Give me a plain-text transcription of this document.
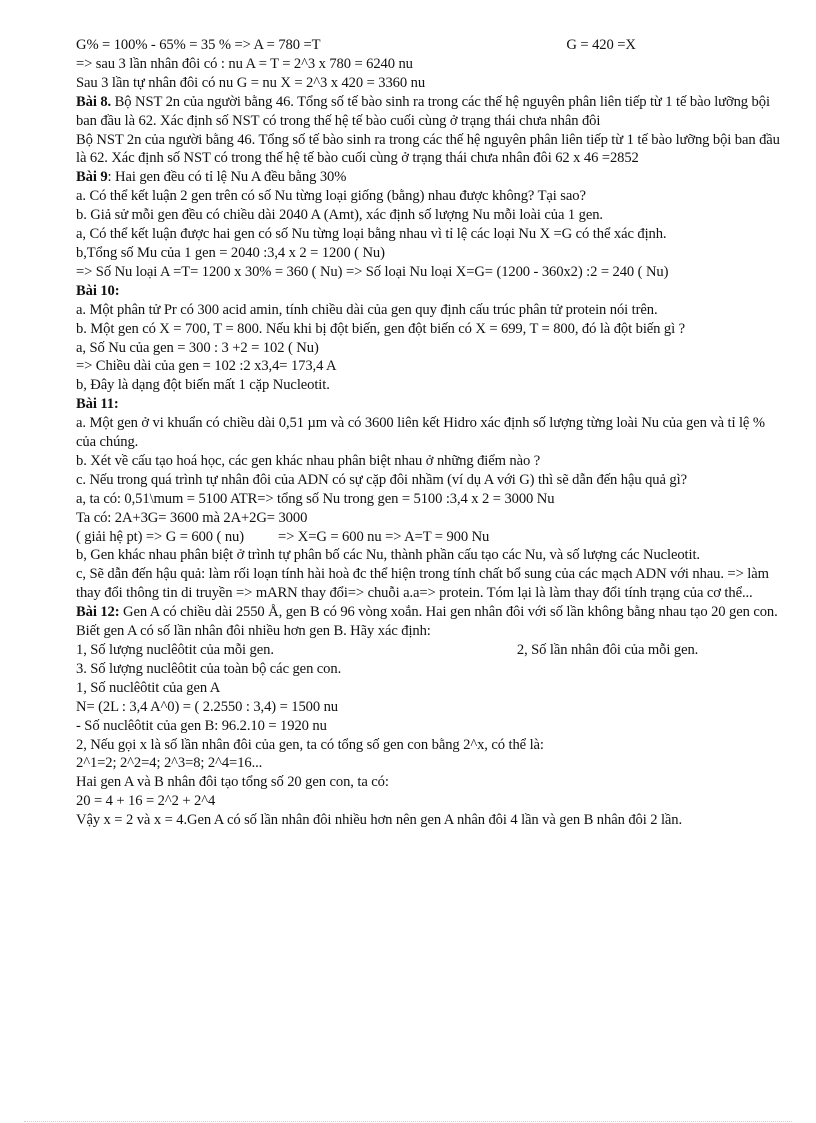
G% = 100% - 65% = 35 % => A = 780 =T	G = 420 =X
=> sau 3 lần nhân đôi có : nu A = T = 2^3 x 780 = 6240 nu
Sau 3 lần tự nhân đôi có nu G = nu X = 2^3 x 420 = 3360 nu
Bài 8. Bộ NST 2n của người bằng 46. Tổng số tế bào sinh ra trong các thế hệ nguyên phân liên tiếp từ 1 tế bào lưỡng bội ban đầu là 62. Xác định số NST có trong thế hệ tế bào cuối cùng ở trạng thái chưa nhân đôi
Bộ NST 2n của người bằng 46. Tổng số tế bào sinh ra trong các thế hệ nguyên phân liên tiếp từ 1 tế bào lưỡng bội ban đầu là 62. Xác định số NST có trong thế hệ tế bào cuối cùng ở trạng thái chưa nhân đôi 62 x 46 =2852
Bài 9: Hai gen đều có tỉ lệ Nu A đều bằng 30%
a. Có thể kết luận 2 gen trên có số Nu từng loại giống (bằng) nhau được không? Tại sao?
b. Giả sử mỗi gen đều có chiều dài 2040 A (Amt), xác định số lượng Nu mỗi loài của 1 gen.
a, Có thể kết luận được hai gen có số Nu từng loại bằng nhau vì tỉ lệ các loại Nu X =G có thể xác định.
b,Tổng số Mu của 1 gen = 2040 :3,4 x 2 = 1200 ( Nu)
=> Số Nu loại A =T= 1200 x 30% = 360 ( Nu) => Số loại Nu loại X=G= (1200 - 360x2) :2 = 240 ( Nu)
Bài 10:
a. Một phân tử Pr có 300 acid amin, tính chiều dài của gen quy định cấu trúc phân tử protein nói trên.
b. Một gen có X = 700, T = 800. Nếu khi bị đột biến, gen đột biến có X = 699, T = 800, đó là đột biến gì ?
a, Số Nu của gen = 300 : 3 +2 = 102 ( Nu)
=> Chiều dài của gen = 102 :2 x3,4= 173,4 A
b, Đây là dạng đột biến mất 1 cặp Nucleotit.
Bài 11:
a. Một gen ở vi khuẩn có chiều dài 0,51 µm và có 3600 liên kết Hidro xác định số lượng từng loài Nu của gen và tỉ lệ % của chúng.
b. Xét về cấu tạo hoá học, các gen khác nhau phân biệt nhau ở những điểm nào ?
c. Nếu trong quá trình tự nhân đôi của ADN có sự cặp đôi nhầm (ví dụ A với G) thì sẽ dẫn đến hậu quả gì?
a, ta có: 0,51\mum = 5100 ATR=> tổng số Nu trong gen = 5100 :3,4 x 2 = 3000 Nu
Ta có: 2A+3G= 3600 mà 2A+2G= 3000
( giải hệ pt) => G = 600 ( nu) => X=G = 600 nu => A=T = 900 Nu
b, Gen khác nhau phân biệt ở trình tự phân bố các Nu, thành phần cấu tạo các Nu, và số lượng các Nucleotit.
c, Sẽ dẫn đến hậu quả: làm rối loạn tính hài hoà đc thể hiện trong tính chất bổ sung của các mạch ADN với nhau. => làm thay đổi thông tin di truyền => mARN thay đổi=> chuỗi a.a=> protein. Tóm lại là làm thay đổi tính trạng của cơ thể...
Bài 12: Gen A có chiều dài 2550 Å, gen B có 96 vòng xoắn. Hai gen nhân đôi với số lần không bằng nhau tạo 20 gen con. Biết gen A có số lần nhân đôi nhiều hơn gen B. Hãy xác định:
1, Số lượng nuclêôtit của mỗi gen.	2, Số lần nhân đôi của mỗi gen.
3. Số lượng nuclêôtit của toàn bộ các gen con.
1, Số nuclêôtit của gen A
N= (2L : 3,4 A^0) = ( 2.2550 : 3,4) = 1500 nu
- Số nuclêôtit của gen B: 96.2.10 = 1920 nu
2, Nếu gọi x là số lần nhân đôi của gen, ta có tổng số gen con bằng 2^x, có thể là:
2^1=2; 2^2=4; 2^3=8; 2^4=16...
Hai gen A và B nhân đôi tạo tổng số 20 gen con, ta có:
20 = 4 + 16 = 2^2 + 2^4
Vậy x = 2 và x = 4.Gen A có số lần nhân đôi nhiều hơn nên gen A nhân đôi 4 lần và gen B nhân đôi 2 lần.
